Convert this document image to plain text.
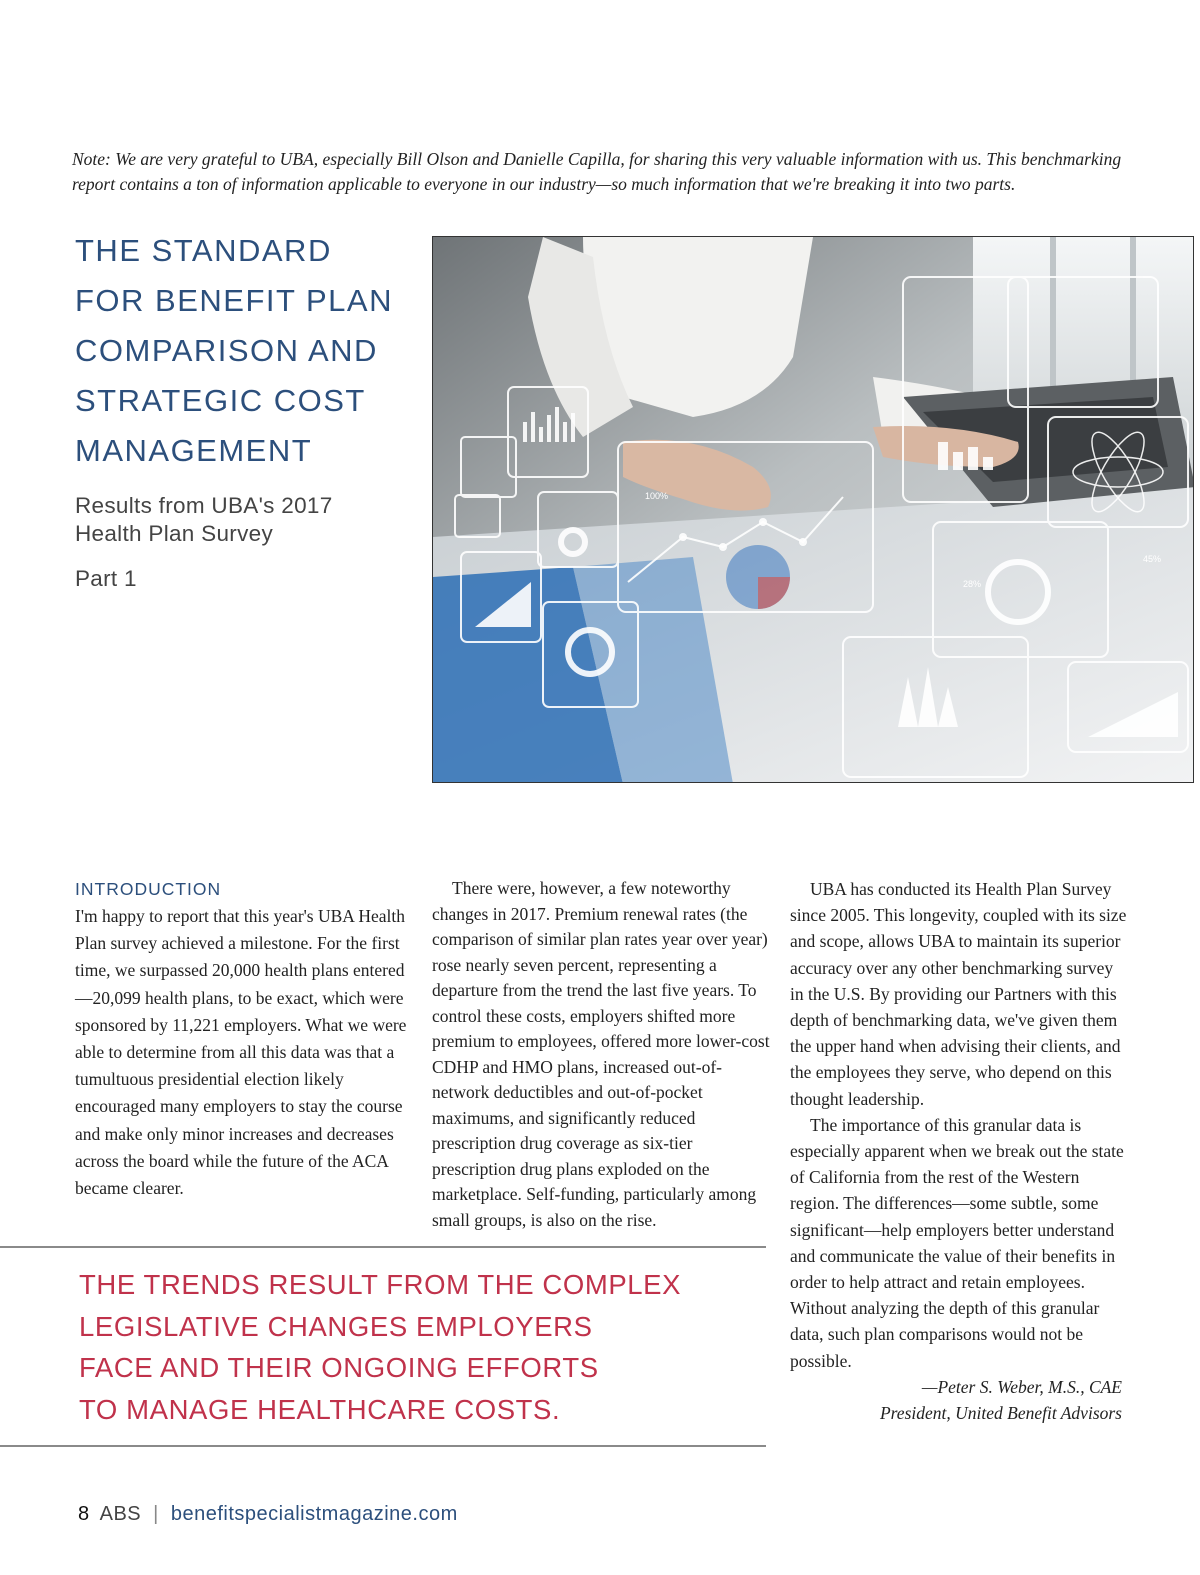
Note: We are very grateful to UBA, especially Bill Olson and Danielle Capilla, for sharing this very valuable information with us. This benchmarking report contains a ton of information applicable to everyone in our industry—so much information that we're breaking it into two parts.
THE STANDARD
FOR BENEFIT PLAN
COMPARISON AND
STRATEGIC COST
MANAGEMENT
Results from UBA's 2017 Health Plan Survey
Part 1
100%
45%
28%
INTRODUCTION

I'm happy to report that this year's UBA Health Plan survey achieved a milestone. For the first time, we surpassed 20,000 health plans entered—20,099 health plans, to be exact, which were sponsored by 11,221 employers. What we were able to determine from all this data was that a tumultuous presidential election likely encouraged many employers to stay the course and make only minor increases and decreases across the board while the future of the ACA became clearer.

There were, however, a few noteworthy changes in 2017. Premium renewal rates (the comparison of similar plan rates year over year) rose nearly seven percent, representing a departure from the trend the last five years. To control these costs, employers shifted more premium to employees, offered more lower-cost CDHP and HMO plans, increased out-of-network deductibles and out-of-pocket maximums, and significantly reduced prescription drug coverage as six-tier prescription drug plans exploded on the marketplace. Self-funding, particularly among small groups, is also on the rise.

UBA has conducted its Health Plan Survey since 2005. This longevity, coupled with its size and scope, allows UBA to maintain its superior accuracy over any other benchmarking survey in the U.S. By providing our Partners with this depth of benchmarking data, we've given them the upper hand when advising their clients, and the employees they serve, who depend on this thought leadership.

The importance of this granular data is especially apparent when we break out the state of California from the rest of the Western region. The differences—some subtle, some significant—help employers better understand and communicate the value of their benefits in order to help attract and retain employees. Without analyzing the depth of this granular data, such plan comparisons would not be possible.

—Peter S. Weber, M.S., CAE

President, United Benefit Advisors

THE TRENDS RESULT FROM THE COMPLEX
LEGISLATIVE CHANGES EMPLOYERS
FACE AND THEIR ONGOING EFFORTS
TO MANAGE HEALTHCARE COSTS.
8 ABS | benefitspecialistmagazine.com
